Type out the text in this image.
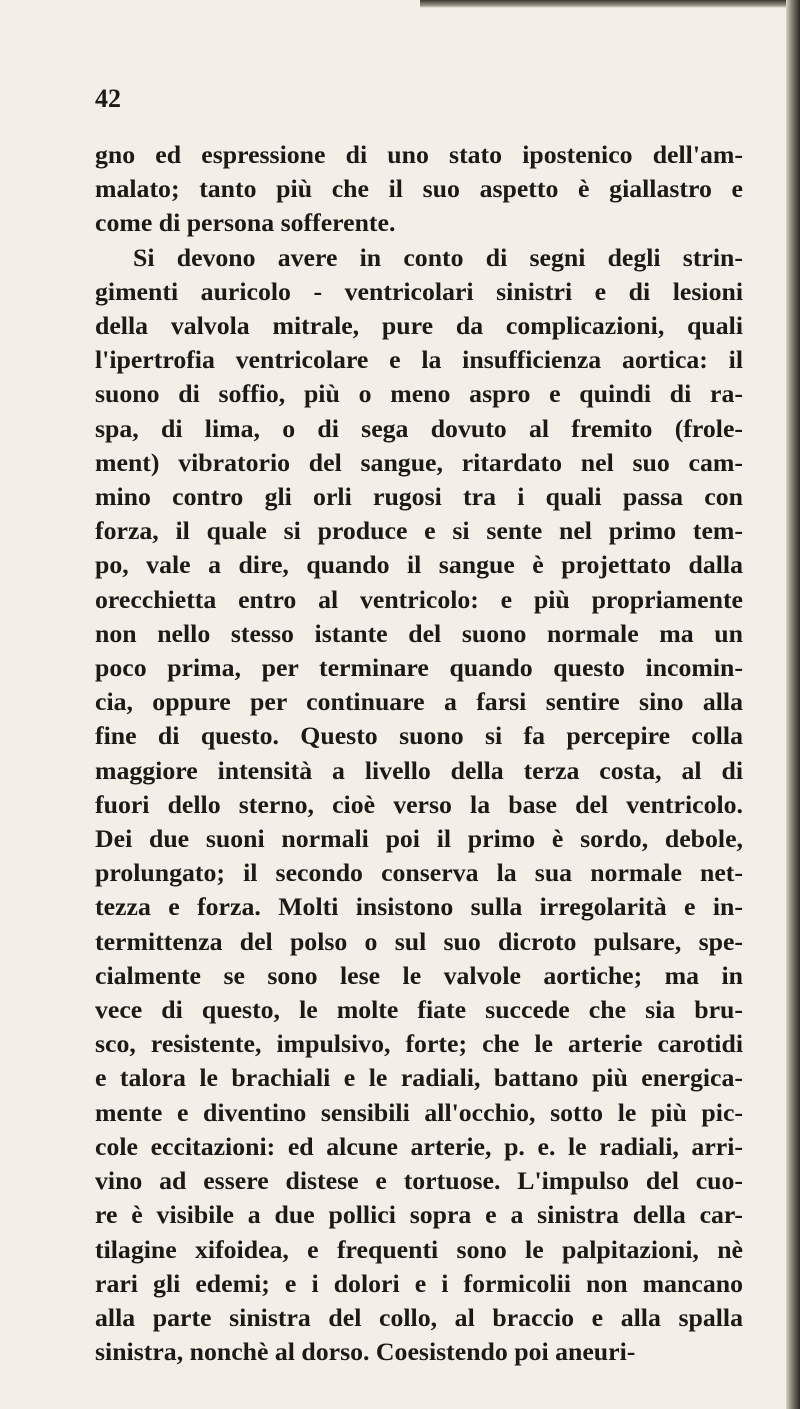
42
gno ed espressione di uno stato ipostenico dell'am-
malato; tanto più che il suo aspetto è giallastro e
come di persona sofferente.
Si devono avere in conto di segni degli strin-
gimenti auricolo - ventricolari sinistri e di lesioni
della valvola mitrale, pure da complicazioni, quali
l'ipertrofia ventricolare e la insufficienza aortica: il
suono di soffio, più o meno aspro e quindi di ra-
spa, di lima, o di sega dovuto al fremito (frole-
ment) vibratorio del sangue, ritardato nel suo cam-
mino contro gli orli rugosi tra i quali passa con
forza, il quale si produce e si sente nel primo tem-
po, vale a dire, quando il sangue è projettato dalla
orecchietta entro al ventricolo: e più propriamente
non nello stesso istante del suono normale ma un
poco prima, per terminare quando questo incomin-
cia, oppure per continuare a farsi sentire sino alla
fine di questo. Questo suono si fa percepire colla
maggiore intensità a livello della terza costa, al di
fuori dello sterno, cioè verso la base del ventricolo.
Dei due suoni normali poi il primo è sordo, debole,
prolungato; il secondo conserva la sua normale net-
tezza e forza. Molti insistono sulla irregolarità e in-
termittenza del polso o sul suo dicroto pulsare, spe-
cialmente se sono lese le valvole aortiche; ma in
vece di questo, le molte fiate succede che sia bru-
sco, resistente, impulsivo, forte; che le arterie carotidi
e talora le brachiali e le radiali, battano più energica-
mente e diventino sensibili all'occhio, sotto le più pic-
cole eccitazioni: ed alcune arterie, p. e. le radiali, arri-
vino ad essere distese e tortuose. L'impulso del cuo-
re è visibile a due pollici sopra e a sinistra della car-
tilagine xifoidea, e frequenti sono le palpitazioni, nè
rari gli edemi; e i dolori e i formicolii non mancano
alla parte sinistra del collo, al braccio e alla spalla
sinistra, nonchè al dorso. Coesistendo poi aneuri-
